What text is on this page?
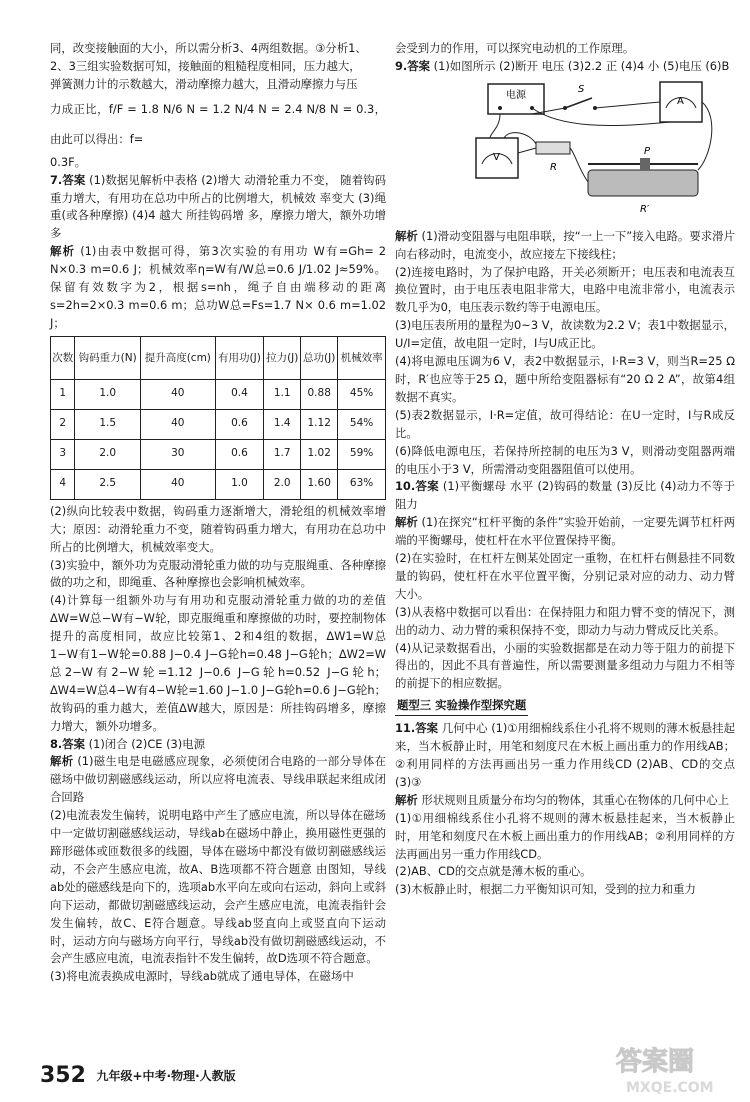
同，改变接触面的大小，所以需分析3、4两组数据。③分析1、

2、3三组实验数据可知，接触面的粗糙程度相同，压力越大，

弹簧测力计的示数越大，滑动摩擦力越大，且滑动摩擦力与压

力成正比，f/F = 1.8 N/6 N = 1.2 N/4 N = 2.4 N/8 N = 0.3，由此可以得出：f=

0.3F。

7.答案 (1)数据见解析中表格 (2)增大 动滑轮重力不变， 随着钩码重力增大，有用功在总功中所占的比例增大，机械效 率变大 (3)绳重(或各种摩擦) (4)4 越大 所挂钩码增 多，摩擦力增大，额外功增多

解析 (1)由表中数据可得，第3次实验的有用功 W有=Gh= 2 N×0.3 m=0.6 J；机械效率η=W有/W总=0.6 J/1.02 J≈59%。 保留有效数字为2，根据s=nh，绳子自由端移动的距离s=2h=2×0.3 m=0.6 m；总功W总=Fs=1.7 N× 0.6 m=1.02 J；

次数	钩码重力(N)	提升高度(cm)	有用功(J)	拉力(J)	总功(J)	机械效率
1	1.0	40	0.4	1.1	0.88	45%
2	1.5	40	0.6	1.4	1.12	54%
3	2.0	30	0.6	1.7	1.02	59%
4	2.5	40	1.0	2.0	1.60	63%

(2)纵向比较表中数据，钩码重力逐渐增大，滑轮组的机械效率增大；原因：动滑轮重力不变，随着钩码重力增大，有用功在总功中所占的比例增大，机械效率变大。

(3)实验中，额外功为克服动滑轮重力做的功与克服绳重、各种摩擦做的功之和，即绳重、各种摩擦也会影响机械效率。

(4)计算每一组额外功与有用功和克服动滑轮重力做的功的差值 ΔW=W总−W有−W轮，即克服绳重和摩擦做的功时，要控制物体提升的高度相同，故应比较第1、2和4组的数据，ΔW1=W总1−W有1−W轮=0.88 J−0.4 J−G轮h=0.48 J−G轮h；ΔW2=W总2−W有2−W轮=1.12 J−0.6 J−G轮h=0.52 J−G轮h；ΔW4=W总4−W有4−W轮=1.60 J−1.0 J−G轮h=0.6 J−G轮h；故钩码的重力越大，差值ΔW越大，原因是：所挂钩码增多，摩擦力增大，额外功增多。

8.答案 (1)闭合 (2)CE (3)电源

解析 (1)磁生电是电磁感应现象，必须使闭合电路的一部分导体在磁场中做切割磁感线运动，所以应将电流表、导线串联起来组成闭合回路

(2)电流表发生偏转，说明电路中产生了感应电流，所以导体在磁场中一定做切割磁感线运动，导线ab在磁场中静止，换用磁性更强的蹄形磁体或匝数很多的线圈，导体在磁场中都没有做切割磁感线运动，不会产生感应电流，故A、B选项都不符合题意 由图知，导线ab处的磁感线是向下的，选项ab水平向左或向右运动，斜向上或斜向下运动，都做切割磁感线运动，会产生感应电流，电流表指针会发生偏转，故C、E符合题意。导线ab竖直向上或竖直向下运动时，运动方向与磁场方向平行，导线ab没有做切割磁感线运动，不会产生感应电流，电流表指针不发生偏转，故D选项不符合题意。

(3)将电流表换成电源时，导线ab就成了通电导体，在磁场中

会受到力的作用，可以探究电动机的工作原理。

9.答案 (1)如图所示 (2)断开 电压 (3)2.2 正 (4)4 小 (5)电压 (6)B

电源
S
A
V
R
P
R′

解析 (1)滑动变阻器与电阻串联，按“一上一下”接入电路。要求滑片向右移动时，电流变小，故应接左下接线柱；

(2)连接电路时，为了保护电路，开关必须断开；电压表和电流表互换位置时，由于电压表电阻非常大，电路中电流非常小，电流表示数几乎为0，电压表示数约等于电源电压。

(3)电压表所用的量程为0~3 V，故读数为2.2 V；表1中数据显示，U/I=定值，故电阻一定时，I与U成正比。

(4)将电源电压调为6 V，表2中数据显示，I·R=3 V，则当R=25 Ω时，R′也应等于25 Ω，题中所给变阻器标有“20 Ω 2 A”，故第4组数据不真实。

(5)表2数据显示，I·R=定值，故可得结论：在U一定时，I与R成反比。

(6)降低电源电压，若保持所控制的电压为3 V，则滑动变阻器两端的电压小于3 V，所需滑动变阻器阻值可以使用。

10.答案 (1)平衡螺母 水平 (2)钩码的数量 (3)反比 (4)动力不等于阻力

解析 (1)在探究“杠杆平衡的条件”实验开始前，一定要先调节杠杆两端的平衡螺母，使杠杆在水平位置保持平衡。

(2)在实验时，在杠杆左侧某处固定一重物，在杠杆右侧悬挂不同数量的钩码，使杠杆在水平位置平衡，分别记录对应的动力、动力臂大小。

(3)从表格中数据可以看出：在保持阻力和阻力臂不变的情况下，测出的动力、动力臂的乘积保持不变，即动力与动力臂成反比关系。

(4)从记录数据看出，小丽的实验数据都是在动力等于阻力的前提下得出的，因此不具有普遍性，所以需要测量多组动力与阻力不相等的前提下的相应数据。

题型三 实验操作型探究题

11.答案 几何中心 (1)①用细棉线系住小孔将不规则的薄木板悬挂起来，当木板静止时，用笔和刻度尺在木板上画出重力的作用线AB；②利用同样的方法再画出另一重力作用线CD (2)AB、CD的交点 (3)③

解析 形状规则且质量分布均匀的物体，其重心在物体的几何中心上

(1)①用细棉线系住小孔将不规则的薄木板悬挂起来，当木板静止时，用笔和刻度尺在木板上画出重力的作用线AB；②利用同样的方法再画出另一重力作用线CD。

(2)AB、CD的交点就是薄木板的重心。

(3)木板静止时，根据二力平衡知识可知，受到的拉力和重力

352 九年级+中考·物理·人教版	答案圈
MXQE.COM
